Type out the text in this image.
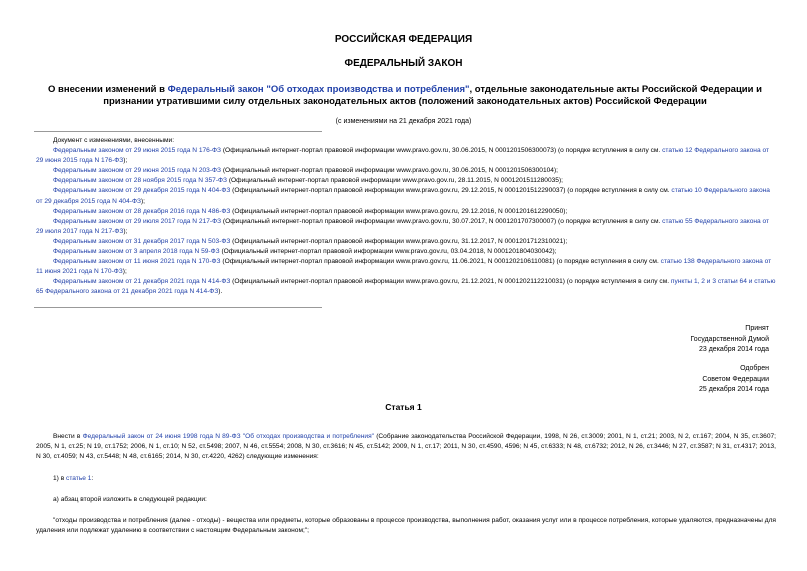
РОССИЙСКАЯ ФЕДЕРАЦИЯ
ФЕДЕРАЛЬНЫЙ ЗАКОН
О внесении изменений в Федеральный закон "Об отходах производства и потребления", отдельные законодательные акты Российской Федерации и признании утратившими силу отдельных законодательных актов (положений законодательных актов) Российской Федерации
(с изменениями на 21 декабря 2021 года)

Документ с изменениями, внесенными:

Федеральным законом от 29 июня 2015 года N 176-ФЗ (Официальный интернет-портал правовой информации www.pravo.gov.ru, 30.06.2015, N 0001201506300073) (о порядке вступления в силу см. статью 12 Федерального закона от 29 июня 2015 года N 176-ФЗ);

Федеральным законом от 29 июня 2015 года N 203-ФЗ (Официальный интернет-портал правовой информации www.pravo.gov.ru, 30.06.2015, N 0001201506300104);

Федеральным законом от 28 ноября 2015 года N 357-ФЗ (Официальный интернет-портал правовой информации www.pravo.gov.ru, 28.11.2015, N 0001201511280035);

Федеральным законом от 29 декабря 2015 года N 404-ФЗ (Официальный интернет-портал правовой информации www.pravo.gov.ru, 29.12.2015, N 0001201512290037) (о порядке вступления в силу см. статью 10 Федерального закона от 29 декабря 2015 года N 404-ФЗ);

Федеральным законом от 28 декабря 2016 года N 486-ФЗ (Официальный интернет-портал правовой информации www.pravo.gov.ru, 29.12.2016, N 0001201612290050);

Федеральным законом от 29 июля 2017 года N 217-ФЗ (Официальный интернет-портал правовой информации www.pravo.gov.ru, 30.07.2017, N 0001201707300007) (о порядке вступления в силу см. статью 55 Федерального закона от 29 июля 2017 года N 217-ФЗ);

Федеральным законом от 31 декабря 2017 года N 503-ФЗ (Официальный интернет-портал правовой информации www.pravo.gov.ru, 31.12.2017, N 0001201712310021);

Федеральным законом от 3 апреля 2018 года N 59-ФЗ (Официальный интернет-портал правовой информации www.pravo.gov.ru, 03.04.2018, N 0001201804030042);

Федеральным законом от 11 июня 2021 года N 170-ФЗ (Официальный интернет-портал правовой информации www.pravo.gov.ru, 11.06.2021, N 0001202106110081) (о порядке вступления в силу см. статью 138 Федерального закона от 11 июня 2021 года N 170-ФЗ);

Федеральным законом от 21 декабря 2021 года N 414-ФЗ (Официальный интернет-портал правовой информации www.pravo.gov.ru, 21.12.2021, N 0001202112210031) (о порядке вступления в силу см. пункты 1, 2 и 3 статьи 64 и статью 65 Федерального закона от 21 декабря 2021 года N 414-ФЗ).

Принят
Государственной Думой
23 декабря 2014 года
Одобрен
Советом Федерации
25 декабря 2014 года
Статья 1

Внести в Федеральный закон от 24 июня 1998 года N 89-ФЗ "Об отходах производства и потребления" (Собрание законодательства Российской Федерации, 1998, N 26, ст.3009; 2001, N 1, ст.21; 2003, N 2, ст.167; 2004, N 35, ст.3607; 2005, N 1, ст.25; N 19, ст.1752; 2006, N 1, ст.10; N 52, ст.5498; 2007, N 46, ст.5554; 2008, N 30, ст.3616; N 45, ст.5142; 2009, N 1, ст.17; 2011, N 30, ст.4590, 4596; N 45, ст.6333; N 48, ст.6732; 2012, N 26, ст.3446; N 27, ст.3587; N 31, ст.4317; 2013, N 30, ст.4059; N 43, ст.5448; N 48, ст.6165; 2014, N 30, ст.4220, 4262) следующие изменения:

1) в статье 1:

а) абзац второй изложить в следующей редакции:

"отходы производства и потребления (далее - отходы) - вещества или предметы, которые образованы в процессе производства, выполнения работ, оказания услуг или в процессе потребления, которые удаляются, предназначены для удаления или подлежат удалению в соответствии с настоящим Федеральным законом;";
